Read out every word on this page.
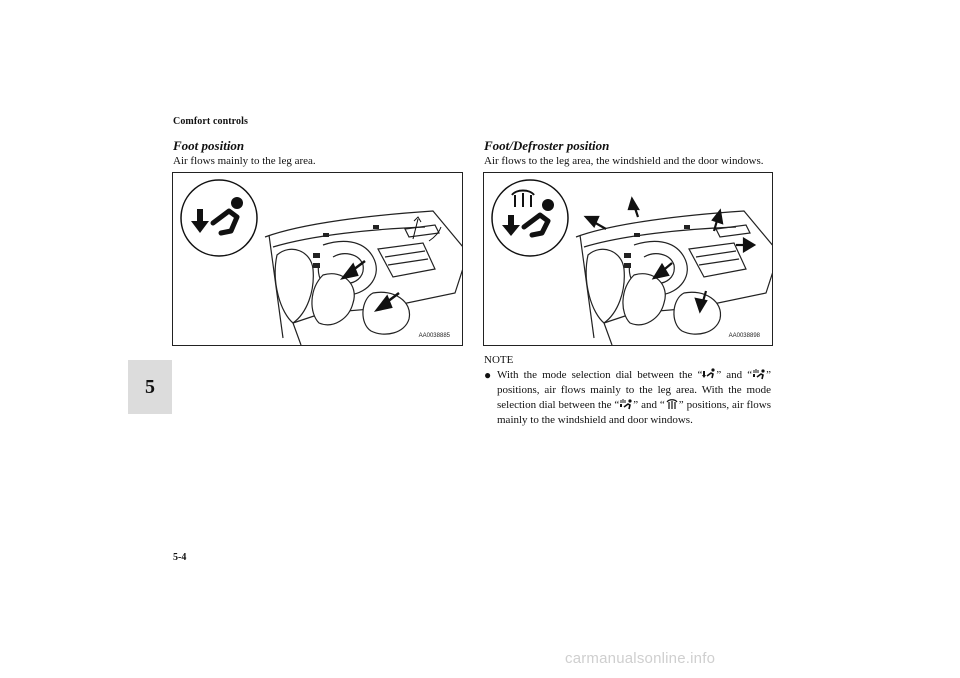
Comfort controls
5
Foot position
Air flows mainly to the leg area.
AA0038885
Foot/Defroster position
Air flows to the leg area, the windshield and the door windows.
AA0038898
NOTE
● With the mode selection dial between the “ ” and “ ” positions, air flows mainly to the leg area. With the mode selection dial between the “ ” and “ ” positions, air flows mainly to the windshield and door windows.
5-4
carmanualsonline.info
